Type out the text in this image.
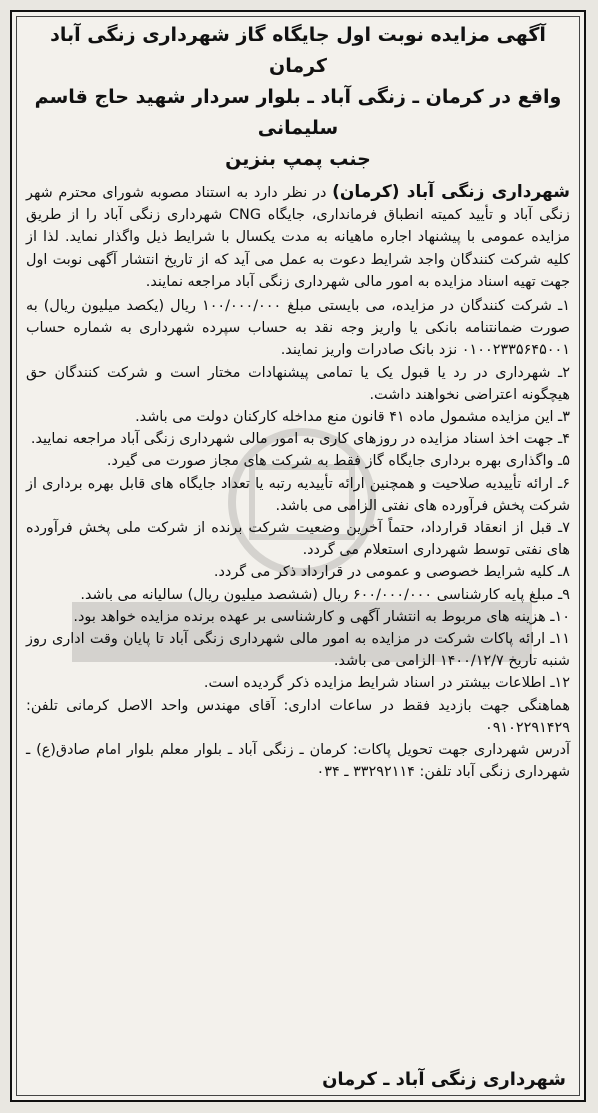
آگهی مزایده نوبت اول جایگاه گاز شهرداری زنگی آباد کرمان
واقع در کرمان ـ زنگی آباد ـ بلوار سردار شهید حاج قاسم سلیمانی
جنب پمپ بنزین
شهرداری زنگی آباد (کرمان) در نظر دارد به استناد مصوبه شورای محترم شهر زنگی آباد و تأیید کمیته انطباق فرمانداری، جایگاه CNG شهرداری زنگی آباد را از طریق مزایده عمومی با پیشنهاد اجاره ماهیانه به مدت یکسال با شرایط ذیل واگذار نماید. لذا از کلیه شرکت کنندگان واجد شرایط دعوت به عمل می آید که از تاریخ انتشار آگهی نوبت اول جهت تهیه اسناد مزایده به امور مالی شهرداری زنگی آباد مراجعه نمایند.
۱ـ شرکت کنندگان در مزایده، می بایستی مبلغ ۱۰۰/۰۰۰/۰۰۰ ریال (یکصد میلیون ریال) به صورت ضمانتنامه بانکی یا واریز وجه نقد به حساب سپرده شهرداری به شماره حساب ۰۱۰۰۲۳۳۵۶۴۵۰۰۱ نزد بانک صادرات واریز نمایند.
۲ـ شهرداری در رد یا قبول یک یا تمامی پیشنهادات مختار است و شرکت کنندگان حق هیچگونه اعتراضی نخواهند داشت.
۳ـ این مزایده مشمول ماده ۴۱ قانون منع مداخله کارکنان دولت می باشد.
۴ـ جهت اخذ اسناد مزایده در روزهای کاری به امور مالی شهرداری زنگی آباد مراجعه نمایید.
۵ـ واگذاری بهره برداری جایگاه گاز فقط به شرکت های مجاز صورت می گیرد.
۶ـ ارائه تأییدیه صلاحیت و همچنین ارائه تأییدیه رتبه یا تعداد جایگاه های قابل بهره برداری از شرکت پخش فرآورده های نفتی الزامی می باشد.
۷ـ قبل از انعقاد قرارداد، حتماً آخرین وضعیت شرکت برنده از شرکت ملی پخش فرآورده های نفتی توسط شهرداری استعلام می گردد.
۸ـ کلیه شرایط خصوصی و عمومی در قرارداد ذکر می گردد.
۹ـ مبلغ پایه کارشناسی ۶۰۰/۰۰۰/۰۰۰ ریال (ششصد میلیون ریال) سالیانه می باشد.
۱۰ـ هزینه های مربوط به انتشار آگهی و کارشناسی بر عهده برنده مزایده خواهد بود.
۱۱ـ ارائه پاکات شرکت در مزایده به امور مالی شهرداری زنگی آباد تا پایان وقت اداری روز شنبه تاریخ ۱۴۰۰/۱۲/۷ الزامی می باشد.
۱۲ـ اطلاعات بیشتر در اسناد شرایط مزایده ذکر گردیده است.
هماهنگی جهت بازدید فقط در ساعات اداری: آقای مهندس واحد الاصل کرمانی تلفن: ۰۹۱۰۲۲۹۱۴۲۹
آدرس شهرداری جهت تحویل پاکات: کرمان ـ زنگی آباد ـ بلوار معلم بلوار امام صادق(ع) ـ شهرداری زنگی آباد تلفن: ۳۳۲۹۲۱۱۴ ـ ۰۳۴
شهرداری زنگی آباد ـ کرمان
